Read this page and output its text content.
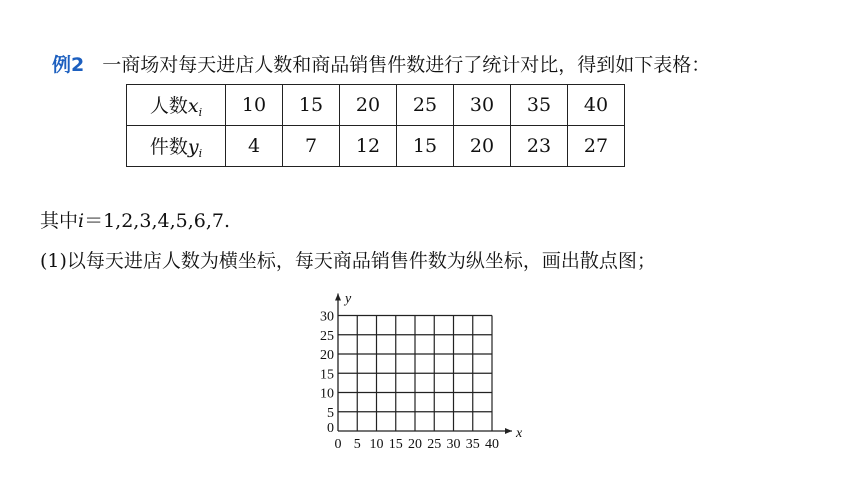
例2 一商场对每天进店人数和商品销售件数进行了统计对比，得到如下表格：
人数$x_i$	10	15	20	25	30	35	40
件数$y_i$	4	7	12	15	20	23	27
其中i＝1,2,3,4,5,6,7.
(1)以每天进店人数为横坐标，每天商品销售件数为纵坐标，画出散点图；
x
y
0 5 10 15 20 25 30 35 40
0
5
10
15
20
25
30
